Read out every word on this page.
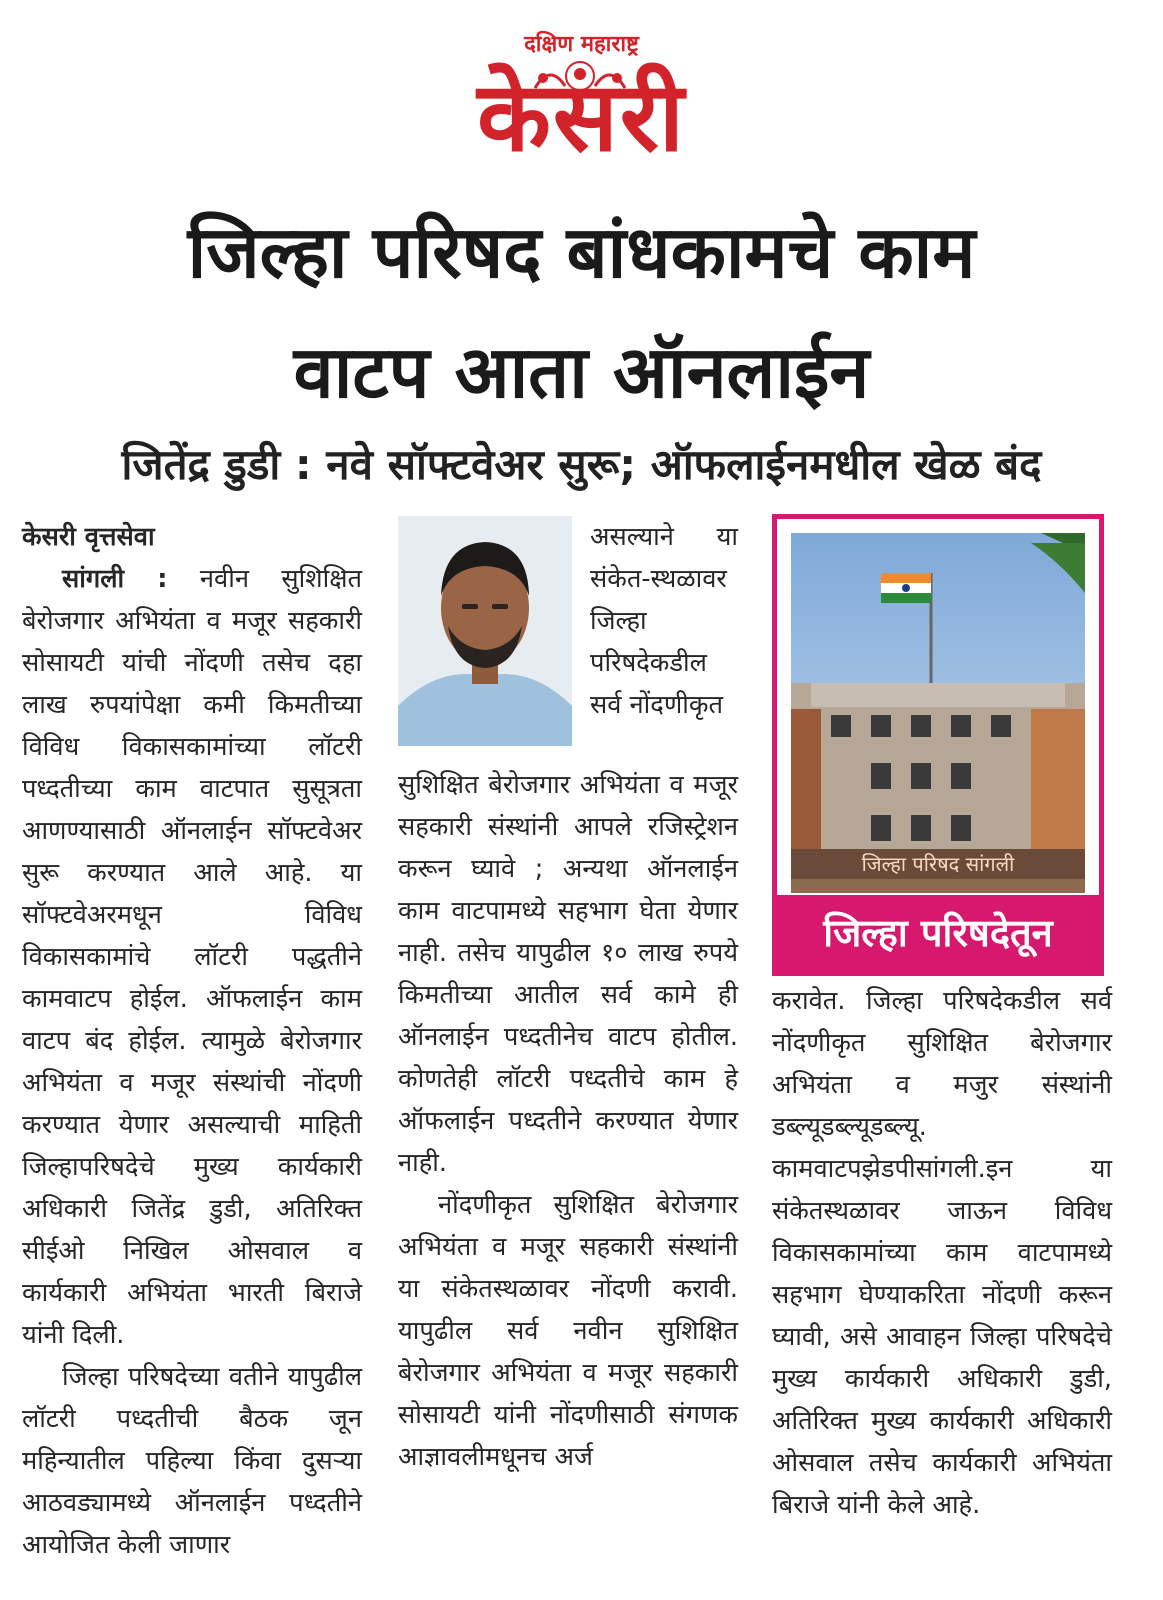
दक्षिण महाराष्ट्र
केसरी
जिल्हा परिषद बांधकामचे काम
वाटप आता ऑनलाईन
जितेंद्र डुडी : नवे सॉफ्टवेअर सुरू; ऑफलाईनमधील खेळ बंद

केसरी वृत्तसेवा

सांगली : नवीन सुशिक्षित बेरोजगार अभियंता व मजूर सहकारी सोसायटी यांची नोंदणी तसेच दहा लाख रुपयांपेक्षा कमी किमतीच्या विविध विकासकामांच्या लॉटरी पध्दतीच्या काम वाटपात सुसूत्रता आणण्यासाठी ऑनलाईन सॉफ्टवेअर सुरू करण्यात आले आहे. या सॉफ्टवेअरमधून विविध विकासकामांचे लॉटरी पद्धतीने कामवाटप होईल. ऑफलाईन काम वाटप बंद होईल. त्यामुळे बेरोजगार अभियंता व मजूर संस्थांची नोंदणी करण्यात येणार असल्याची माहिती जिल्हापरिषदेचे मुख्य कार्यकारी अधिकारी जितेंद्र डुडी, अतिरिक्त सीईओ निखिल ओसवाल व कार्यकारी अभियंता भारती बिराजे यांनी दिली.

जिल्हा परिषदेच्या वतीने यापुढील लॉटरी पध्दतीची बैठक जून महिन्यातील पहिल्या किंवा दुसऱ्या आठवड्यामध्ये ऑनलाईन पध्दतीने आयोजित केली जाणार

असल्याने या संकेत-स्थळावर जिल्हा परिषदेकडील सर्व नोंदणीकृत

सुशिक्षित बेरोजगार अभियंता व मजूर सहकारी संस्थांनी आपले रजिस्ट्रेशन करून घ्यावे ; अन्यथा ऑनलाईन काम वाटपामध्ये सहभाग घेता येणार नाही. तसेच यापुढील १० लाख रुपये किमतीच्या आतील सर्व कामे ही ऑनलाईन पध्दतीनेच वाटप होतील. कोणतेही लॉटरी पध्दतीचे काम हे ऑफलाईन पध्दतीने करण्यात येणार नाही.

नोंदणीकृत सुशिक्षित बेरोजगार अभियंता व मजूर सहकारी संस्थांनी या संकेतस्थळावर नोंदणी करावी. यापुढील सर्व नवीन सुशिक्षित बेरोजगार अभियंता व मजूर सहकारी सोसायटी यांनी नोंदणीसाठी संगणक आज्ञावलीमधूनच अर्ज

जिल्हा परिषद सांगली
जिल्हा परिषदेतून

करावेत. जिल्हा परिषदेकडील सर्व नोंदणीकृत सुशिक्षित बेरोजगार अभियंता व मजुर संस्थांनी डब्ल्यूडब्ल्यूडब्ल्यू. कामवाटपझेडपीसांगली.इन या संकेतस्थळावर जाऊन विविध विकासकामांच्या काम वाटपामध्ये सहभाग घेण्याकरिता नोंदणी करून घ्यावी, असे आवाहन जिल्हा परिषदेचे मुख्य कार्यकारी अधिकारी डुडी, अतिरिक्त मुख्य कार्यकारी अधिकारी ओसवाल तसेच कार्यकारी अभियंता बिराजे यांनी केले आहे.
